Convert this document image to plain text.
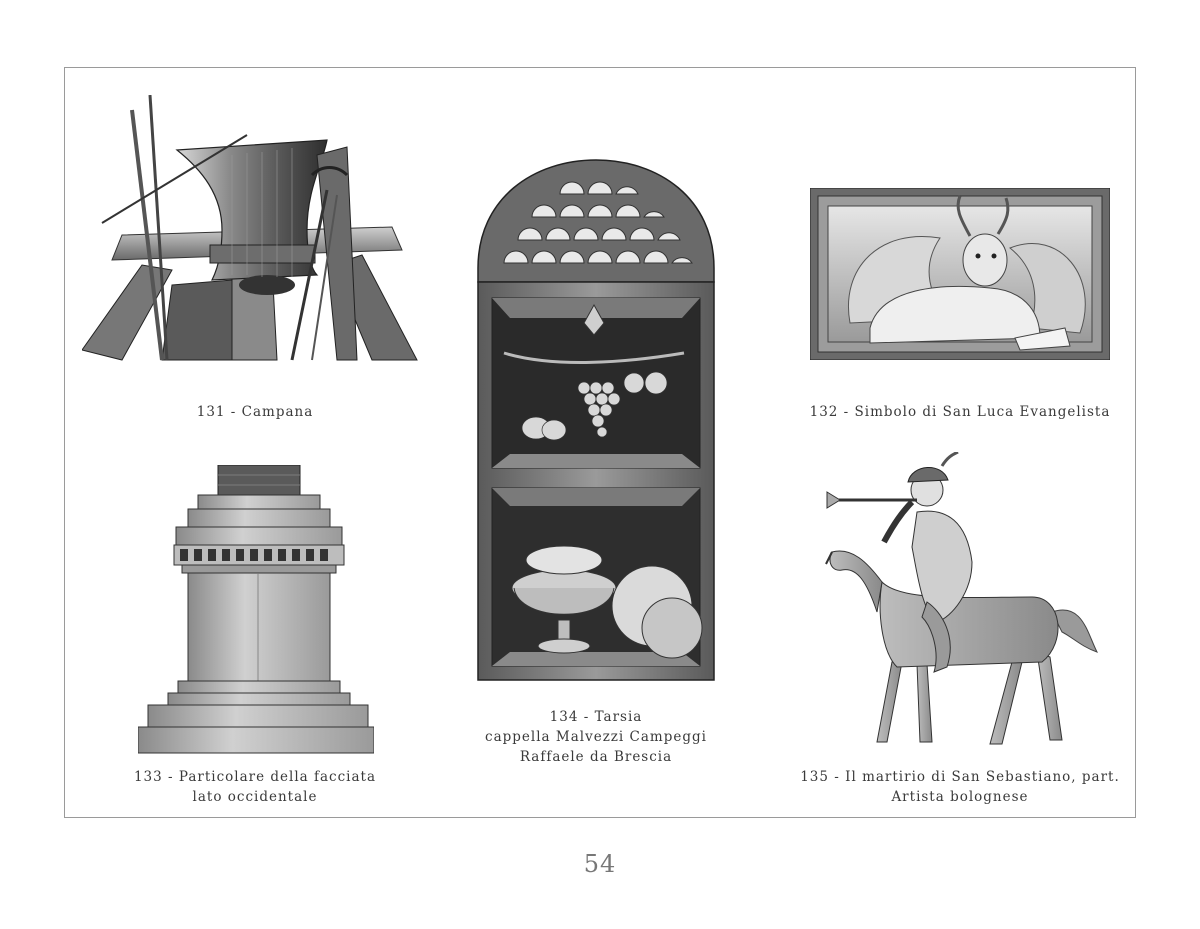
131 - Campana	132 - Simbolo di San Luca Evangelista
133 - Particolare della facciata
lato occidentale
134 - Tarsia
cappella Malvezzi Campeggi
Raffaele da Brescia
135 - Il martirio di San Sebastiano, part.
Artista bolognese
54
